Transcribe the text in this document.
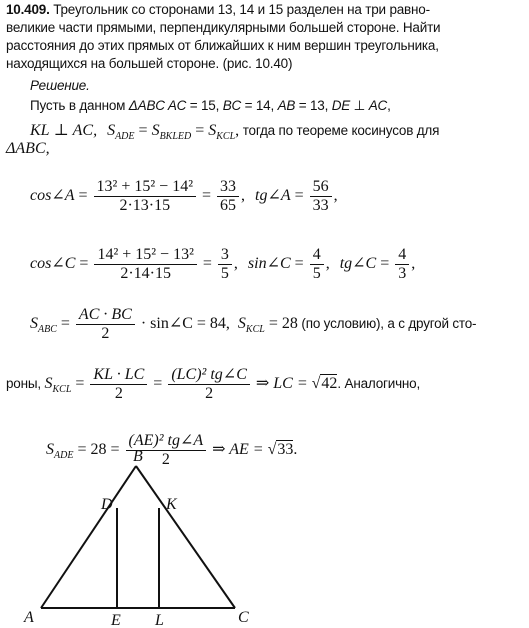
10.409. Треугольник со сторонами 13, 14 и 15 разделен на три равно-
великие части прямыми, перпендикулярными большей стороне. Найти
расстояния до этих прямых от ближайших к ним вершин треугольника,
находящихся на большей стороне. (рис. 10.40)
Решение.
Пусть в данном ΔABC AC = 15, BC = 14, AB = 13, DE ⊥ AC,
KL ⊥ AC, $S_{ADE} = S_{BKLED} = S_{KCL}$, тогда по теореме косинусов для
ΔABC,
cos∠A = $\frac{\text{13² + 15² − 14²}}{2\cdot 13\cdot 15} = \frac{33}{65}$ , tg∠A = $\frac{56}{33}$ ,
cos∠C = $\frac{\text{14² + 15² − 13²}}{2\cdot 14\cdot 15} = \frac{3}{5}$ , sin∠C = $\frac{4}{5}$ , tg∠C = $\frac{4}{3}$ ,
$S_{ABC} = \frac{AC \cdot BC}{2}$ · sin∠C = 84, $S_{KCL} = 28$ (по условию), а с другой сто-
роны, $S_{KCL} = \frac{KL \cdot LC}{2} = \frac{\text{(LC)² tg∠C}}{2}$ ⇒ LC = √42. Аналогично,
$S_{ADE} = 28 = \frac{\text{(AE)² tg∠A}}{2}$ ⇒ AE = √33.
B
D	K
A	E L	C
